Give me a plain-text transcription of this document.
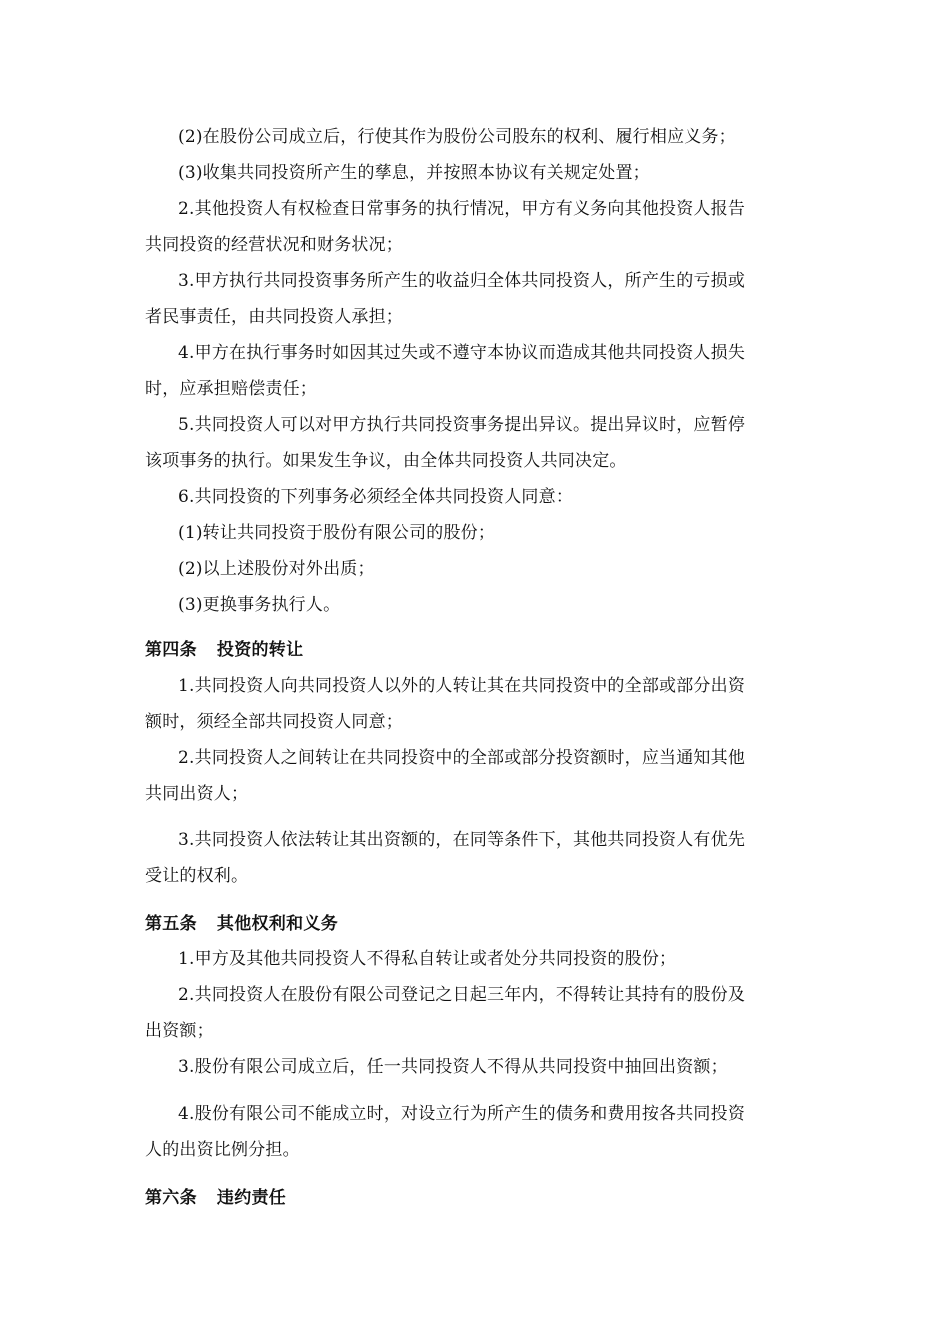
(2)在股份公司成立后，行使其作为股份公司股东的权利、履行相应义务；
(3)收集共同投资所产生的孳息，并按照本协议有关规定处置；
2.其他投资人有权检查日常事务的执行情况，甲方有义务向其他投资人报告
共同投资的经营状况和财务状况；
3.甲方执行共同投资事务所产生的收益归全体共同投资人，所产生的亏损或
者民事责任，由共同投资人承担；
4.甲方在执行事务时如因其过失或不遵守本协议而造成其他共同投资人损失
时，应承担赔偿责任；
5.共同投资人可以对甲方执行共同投资事务提出异议。提出异议时，应暂停
该项事务的执行。如果发生争议，由全体共同投资人共同决定。
6.共同投资的下列事务必须经全体共同投资人同意：
(1)转让共同投资于股份有限公司的股份；
(2)以上述股份对外出质；
(3)更换事务执行人。
第四条 投资的转让
1.共同投资人向共同投资人以外的人转让其在共同投资中的全部或部分出资
额时，须经全部共同投资人同意；
2.共同投资人之间转让在共同投资中的全部或部分投资额时，应当通知其他
共同出资人；
3.共同投资人依法转让其出资额的，在同等条件下，其他共同投资人有优先
受让的权利。
第五条 其他权利和义务
1.甲方及其他共同投资人不得私自转让或者处分共同投资的股份；
2.共同投资人在股份有限公司登记之日起三年内，不得转让其持有的股份及
出资额；
3.股份有限公司成立后，任一共同投资人不得从共同投资中抽回出资额；
4.股份有限公司不能成立时，对设立行为所产生的债务和费用按各共同投资
人的出资比例分担。
第六条 违约责任
